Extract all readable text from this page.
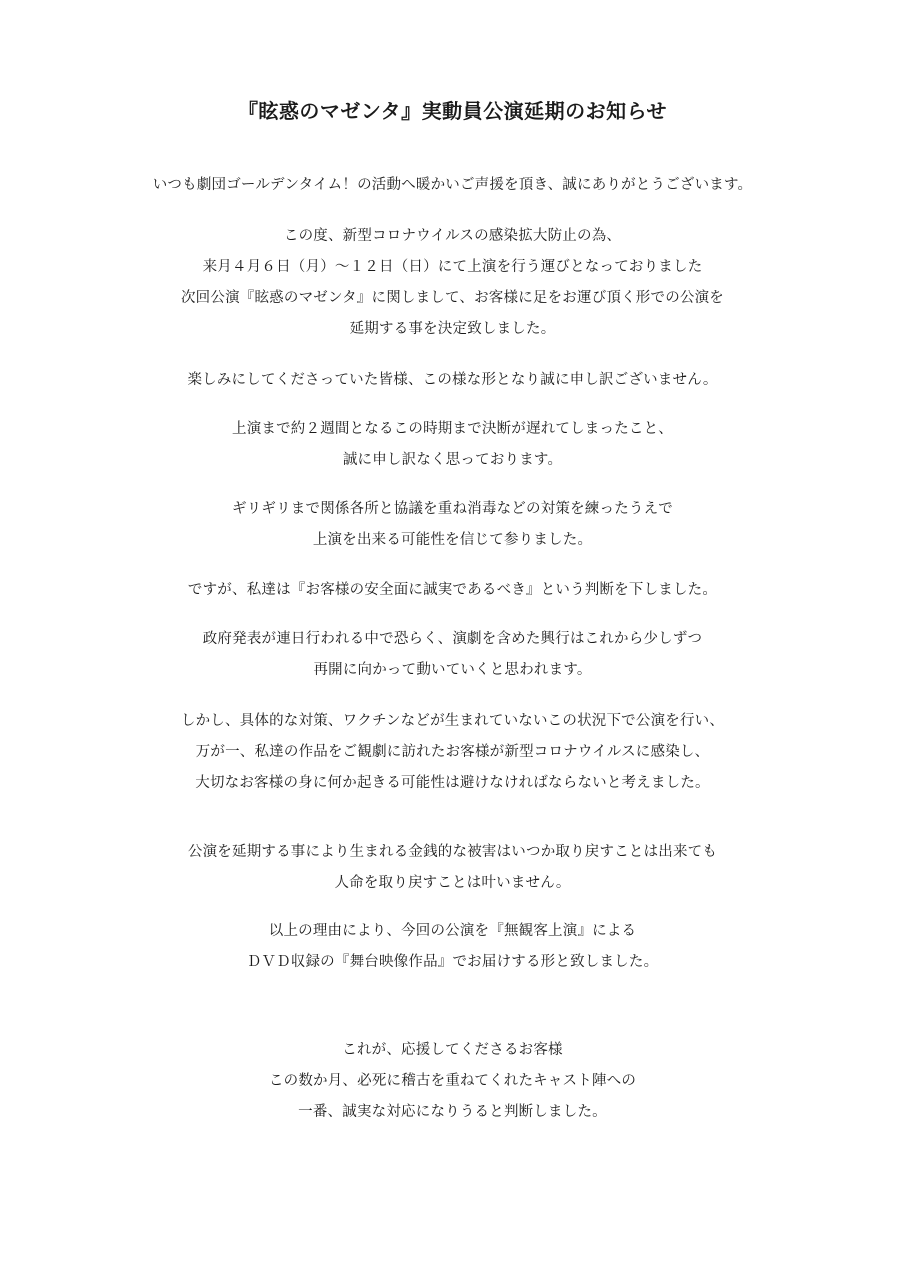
『眩惑のマゼンタ』実動員公演延期のお知らせ
いつも劇団ゴールデンタイム！の活動へ暖かいご声援を頂き、誠にありがとうございます。
この度、新型コロナウイルスの感染拡大防止の為、
来月４月６日（月）～１２日（日）にて上演を行う運びとなっておりました
次回公演『眩惑のマゼンタ』に関しまして、お客様に足をお運び頂く形での公演を
延期する事を決定致しました。
楽しみにしてくださっていた皆様、この様な形となり誠に申し訳ございません。
上演まで約２週間となるこの時期まで決断が遅れてしまったこと、
誠に申し訳なく思っております。
ギリギリまで関係各所と協議を重ね消毒などの対策を練ったうえで
上演を出来る可能性を信じて参りました。
ですが、私達は『お客様の安全面に誠実であるべき』という判断を下しました。
政府発表が連日行われる中で恐らく、演劇を含めた興行はこれから少しずつ
再開に向かって動いていくと思われます。
しかし、具体的な対策、ワクチンなどが生まれていないこの状況下で公演を行い、
万が一、私達の作品をご観劇に訪れたお客様が新型コロナウイルスに感染し、
大切なお客様の身に何か起きる可能性は避けなければならないと考えました。
公演を延期する事により生まれる金銭的な被害はいつか取り戻すことは出来ても
人命を取り戻すことは叶いません。
以上の理由により、今回の公演を『無観客上演』による
ＤＶＤ収録の『舞台映像作品』でお届けする形と致しました。
これが、応援してくださるお客様
この数か月、必死に稽古を重ねてくれたキャスト陣への
一番、誠実な対応になりうると判断しました。
